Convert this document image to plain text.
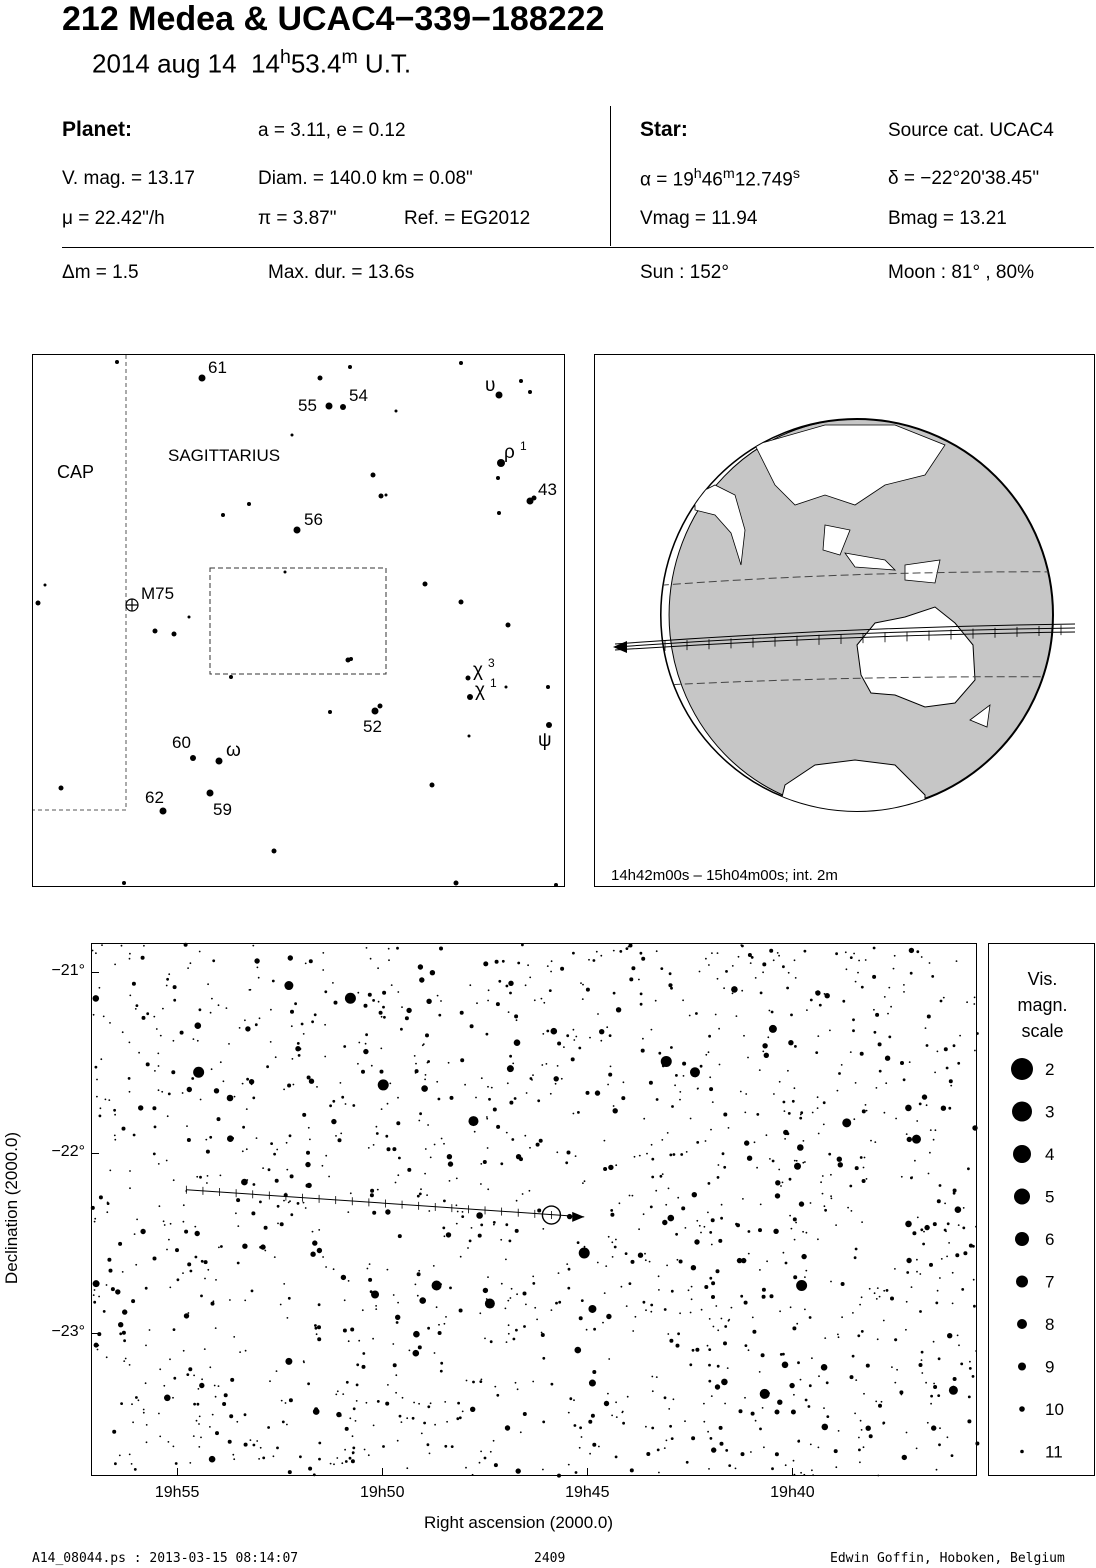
212 Medea & UCAC4−339−188222
2014 aug 14 14$^h$53.4$^m$ U.T.
Planet:	a = 3.11, e = 0.12
V. mag. = 13.17	Diam. = 140.0 km = 0.08"
μ = 22.42"/h	π = 3.87"	Ref. = EG2012
Star:	Source cat. UCAC4
$\alpha = 19^h46^m12.749^s$	δ = −22°20'38.45"
Vmag = 11.94	Bmag = 13.21
Δm = 1.5	Max. dur. = 13.6s	Sun : 152°	Moon : 81° , 80%
CAP
SAGITTARIUS
M75
61
55
54
56
43
52
60
62
59
υ
ρ 1
χ 3
χ 1
ψ
ω
14h42m00s – 15h04m00s; int. 2m
19h55	19h50	19h45	19h40
−21°
−22°
−23°
Right ascension (2000.0)
Declination (2000.0)
Vis.
magn.
scale
2
3
4
5
6
7
8
9
10
11
A14_08044.ps : 2013-03-15 08:14:07	2409	Edwin Goffin, Hoboken, Belgium
